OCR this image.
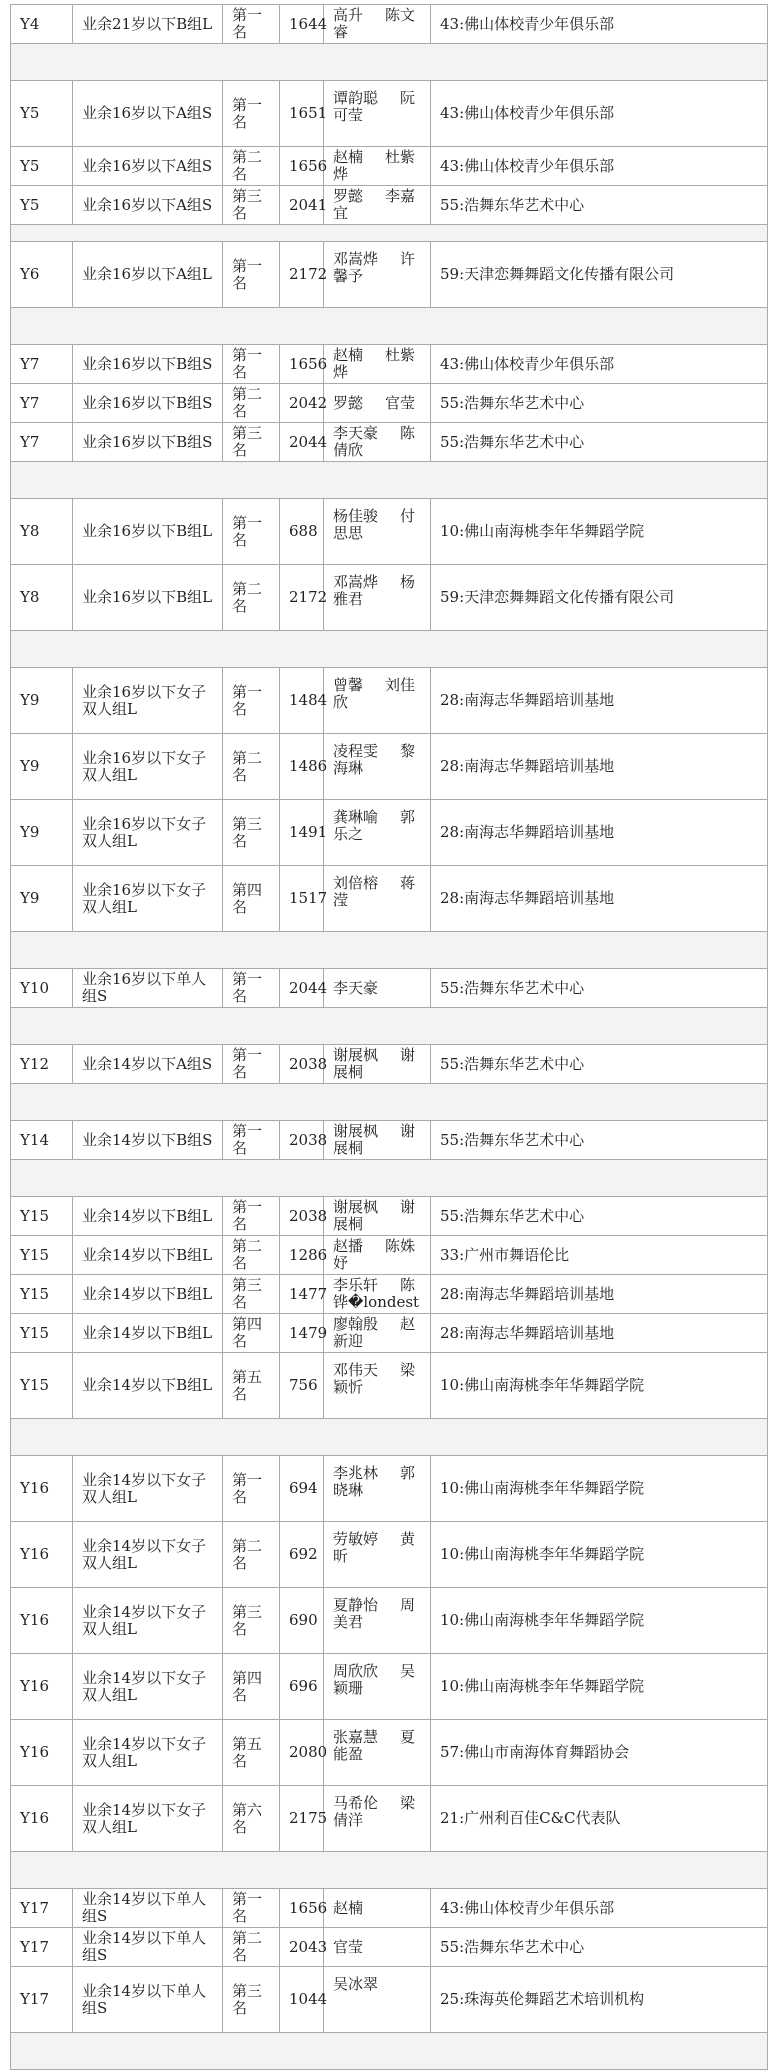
Y4	业余21岁以下B组L	第一名	1644	高升 陈文睿	43:佛山体校青少年俱乐部

Y5	业余16岁以下A组S	第一名	1651	谭韵聪 阮可莹	43:佛山体校青少年俱乐部
Y5	业余16岁以下A组S	第二名	1656	赵楠 杜紫烨	43:佛山体校青少年俱乐部
Y5	业余16岁以下A组S	第三名	2041	罗懿 李嘉宜	55:浩舞东华艺术中心

Y6	业余16岁以下A组L	第一名	2172	邓嵩烨 许馨予	59:天津恋舞舞蹈文化传播有限公司

Y7	业余16岁以下B组S	第一名	1656	赵楠 杜紫烨	43:佛山体校青少年俱乐部
Y7	业余16岁以下B组S	第二名	2042	罗懿 官莹	55:浩舞东华艺术中心
Y7	业余16岁以下B组S	第三名	2044	李天豪 陈倩欣	55:浩舞东华艺术中心

Y8	业余16岁以下B组L	第一名	688	杨佳骏 付思思	10:佛山南海桃李年华舞蹈学院
Y8	业余16岁以下B组L	第二名	2172	邓嵩烨 杨雅君	59:天津恋舞舞蹈文化传播有限公司

Y9	业余16岁以下女子双人组L	第一名	1484	曾馨 刘佳欣	28:南海志华舞蹈培训基地
Y9	业余16岁以下女子双人组L	第二名	1486	凌程雯 黎海琳	28:南海志华舞蹈培训基地
Y9	业余16岁以下女子双人组L	第三名	1491	龚琳喻 郭乐之	28:南海志华舞蹈培训基地
Y9	业余16岁以下女子双人组L	第四名	1517	刘倍榕 蒋滢	28:南海志华舞蹈培训基地

Y10	业余16岁以下单人组S	第一名	2044	李天豪	55:浩舞东华艺术中心

Y12	业余14岁以下A组S	第一名	2038	谢展枫 谢展桐	55:浩舞东华艺术中心

Y14	业余14岁以下B组S	第一名	2038	谢展枫 谢展桐	55:浩舞东华艺术中心

Y15	业余14岁以下B组L	第一名	2038	谢展枫 谢展桐	55:浩舞东华艺术中心
Y15	业余14岁以下B组L	第二名	1286	赵播 陈姝妤	33:广州市舞语伦比
Y15	业余14岁以下B组L	第三名	1477	李乐轩 陈铧�londest	28:南海志华舞蹈培训基地
Y15	业余14岁以下B组L	第四名	1479	廖翰殷 赵新迎	28:南海志华舞蹈培训基地
Y15	业余14岁以下B组L	第五名	756	邓伟天 梁颖忻	10:佛山南海桃李年华舞蹈学院

Y16	业余14岁以下女子双人组L	第一名	694	李兆林 郭晓琳	10:佛山南海桃李年华舞蹈学院
Y16	业余14岁以下女子双人组L	第二名	692	劳敏婷 黄昕	10:佛山南海桃李年华舞蹈学院
Y16	业余14岁以下女子双人组L	第三名	690	夏静怡 周美君	10:佛山南海桃李年华舞蹈学院
Y16	业余14岁以下女子双人组L	第四名	696	周欣欣 吴颖珊	10:佛山南海桃李年华舞蹈学院
Y16	业余14岁以下女子双人组L	第五名	2080	张嘉慧 夏能盈	57:佛山市南海体育舞蹈协会
Y16	业余14岁以下女子双人组L	第六名	2175	马希伦 梁倩洋	21:广州利百佳C&C代表队

Y17	业余14岁以下单人组S	第一名	1656	赵楠	43:佛山体校青少年俱乐部
Y17	业余14岁以下单人组S	第二名	2043	官莹	55:浩舞东华艺术中心
Y17	业余14岁以下单人组S	第三名	1044	吴冰翠	25:珠海英伦舞蹈艺术培训机构
